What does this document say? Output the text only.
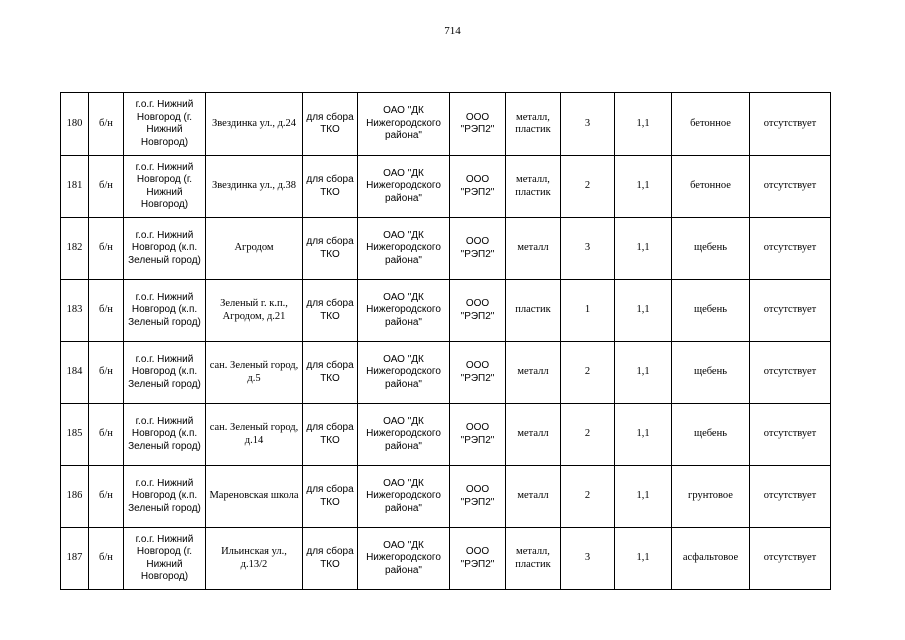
714
180	б/н	г.о.г. Нижний Новгород (г. Нижний Новгород)	Звездинка ул., д.24	для сбора ТКО	ОАО "ДК Нижегородского района"	ООО "РЭП2"	металл, пластик	3	1,1	бетонное	отсутствует
181	б/н	г.о.г. Нижний Новгород (г. Нижний Новгород)	Звездинка ул., д.38	для сбора ТКО	ОАО "ДК Нижегородского района"	ООО "РЭП2"	металл, пластик	2	1,1	бетонное	отсутствует
182	б/н	г.о.г. Нижний Новгород (к.п. Зеленый город)	Агродом	для сбора ТКО	ОАО "ДК Нижегородского района"	ООО "РЭП2"	металл	3	1,1	щебень	отсутствует
183	б/н	г.о.г. Нижний Новгород (к.п. Зеленый город)	Зеленый г. к.п., Агродом, д.21	для сбора ТКО	ОАО "ДК Нижегородского района"	ООО "РЭП2"	пластик	1	1,1	щебень	отсутствует
184	б/н	г.о.г. Нижний Новгород (к.п. Зеленый город)	сан. Зеленый город, д.5	для сбора ТКО	ОАО "ДК Нижегородского района"	ООО "РЭП2"	металл	2	1,1	щебень	отсутствует
185	б/н	г.о.г. Нижний Новгород (к.п. Зеленый город)	сан. Зеленый город, д.14	для сбора ТКО	ОАО "ДК Нижегородского района"	ООО "РЭП2"	металл	2	1,1	щебень	отсутствует
186	б/н	г.о.г. Нижний Новгород (к.п. Зеленый город)	Мареновская школа	для сбора ТКО	ОАО "ДК Нижегородского района"	ООО "РЭП2"	металл	2	1,1	грунтовое	отсутствует
187	б/н	г.о.г. Нижний Новгород (г. Нижний Новгород)	Ильинская ул., д.13/2	для сбора ТКО	ОАО "ДК Нижегородского района"	ООО "РЭП2"	металл, пластик	3	1,1	асфальтовое	отсутствует
